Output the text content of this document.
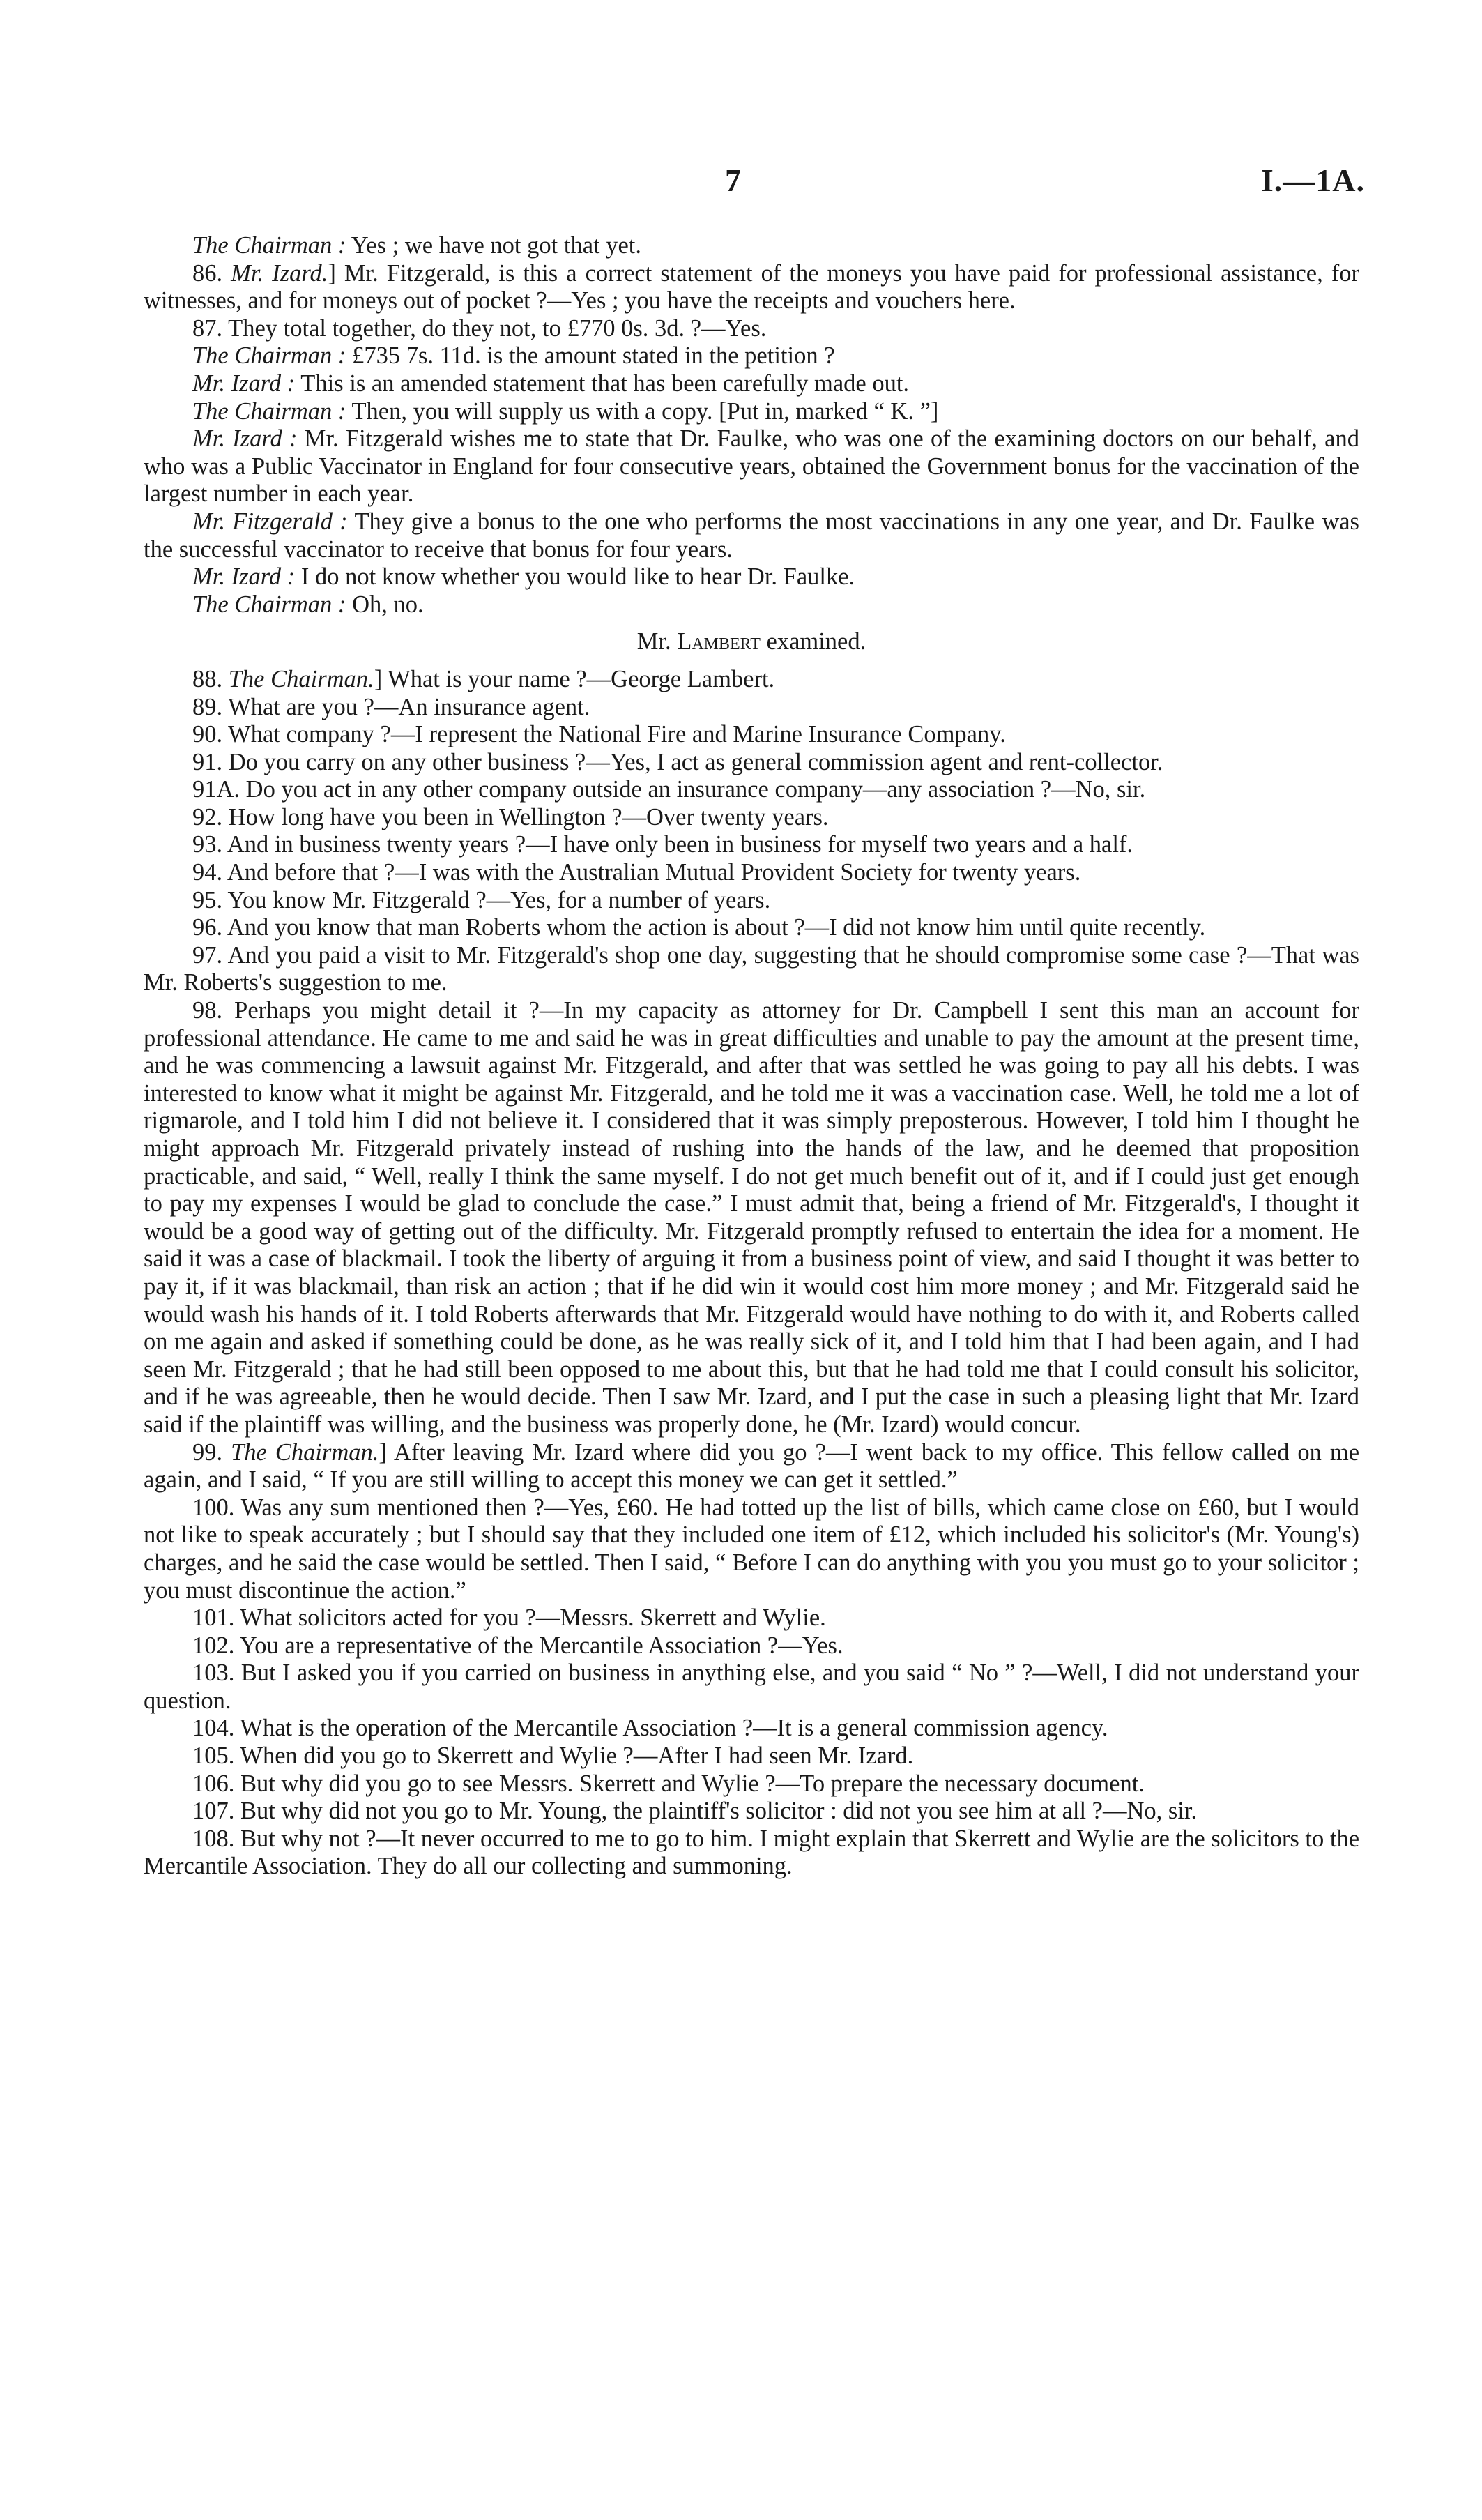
7	I.—1A.

The Chairman : Yes ; we have not got that yet.

86. Mr. Izard.] Mr. Fitzgerald, is this a correct statement of the moneys you have paid for professional assistance, for witnesses, and for moneys out of pocket ?—Yes ; you have the receipts and vouchers here.

87. They total together, do they not, to £770 0s. 3d. ?—Yes.

The Chairman : £735 7s. 11d. is the amount stated in the petition ?

Mr. Izard : This is an amended statement that has been carefully made out.

The Chairman : Then, you will supply us with a copy. [Put in, marked “ K. ”]

Mr. Izard : Mr. Fitzgerald wishes me to state that Dr. Faulke, who was one of the examining doctors on our behalf, and who was a Public Vaccinator in England for four consecutive years, obtained the Government bonus for the vaccination of the largest number in each year.

Mr. Fitzgerald : They give a bonus to the one who performs the most vaccinations in any one year, and Dr. Faulke was the successful vaccinator to receive that bonus for four years.

Mr. Izard : I do not know whether you would like to hear Dr. Faulke.

The Chairman : Oh, no.

Mr. Lambert examined.

88. The Chairman.] What is your name ?—George Lambert.

89. What are you ?—An insurance agent.

90. What company ?—I represent the National Fire and Marine Insurance Company.

91. Do you carry on any other business ?—Yes, I act as general commission agent and rent-collector.

91A. Do you act in any other company outside an insurance company—any association ?—No, sir.

92. How long have you been in Wellington ?—Over twenty years.

93. And in business twenty years ?—I have only been in business for myself two years and a half.

94. And before that ?—I was with the Australian Mutual Provident Society for twenty years.

95. You know Mr. Fitzgerald ?—Yes, for a number of years.

96. And you know that man Roberts whom the action is about ?—I did not know him until quite recently.

97. And you paid a visit to Mr. Fitzgerald's shop one day, suggesting that he should compromise some case ?—That was Mr. Roberts's suggestion to me.

98. Perhaps you might detail it ?—In my capacity as attorney for Dr. Campbell I sent this man an account for professional attendance. He came to me and said he was in great difficulties and unable to pay the amount at the present time, and he was commencing a lawsuit against Mr. Fitzgerald, and after that was settled he was going to pay all his debts. I was interested to know what it might be against Mr. Fitzgerald, and he told me it was a vaccination case. Well, he told me a lot of rigmarole, and I told him I did not believe it. I considered that it was simply preposterous. However, I told him I thought he might approach Mr. Fitzgerald privately instead of rushing into the hands of the law, and he deemed that proposition practicable, and said, “ Well, really I think the same myself. I do not get much benefit out of it, and if I could just get enough to pay my expenses I would be glad to conclude the case.” I must admit that, being a friend of Mr. Fitzgerald's, I thought it would be a good way of getting out of the difficulty. Mr. Fitzgerald promptly refused to entertain the idea for a moment. He said it was a case of blackmail. I took the liberty of arguing it from a business point of view, and said I thought it was better to pay it, if it was blackmail, than risk an action ; that if he did win it would cost him more money ; and Mr. Fitzgerald said he would wash his hands of it. I told Roberts afterwards that Mr. Fitzgerald would have nothing to do with it, and Roberts called on me again and asked if something could be done, as he was really sick of it, and I told him that I had been again, and I had seen Mr. Fitzgerald ; that he had still been opposed to me about this, but that he had told me that I could consult his solicitor, and if he was agreeable, then he would decide. Then I saw Mr. Izard, and I put the case in such a pleasing light that Mr. Izard said if the plaintiff was willing, and the business was properly done, he (Mr. Izard) would concur.

99. The Chairman.] After leaving Mr. Izard where did you go ?—I went back to my office. This fellow called on me again, and I said, “ If you are still willing to accept this money we can get it settled.”

100. Was any sum mentioned then ?—Yes, £60. He had totted up the list of bills, which came close on £60, but I would not like to speak accurately ; but I should say that they included one item of £12, which included his solicitor's (Mr. Young's) charges, and he said the case would be settled. Then I said, “ Before I can do anything with you you must go to your solicitor ; you must discontinue the action.”

101. What solicitors acted for you ?—Messrs. Skerrett and Wylie.

102. You are a representative of the Mercantile Association ?—Yes.

103. But I asked you if you carried on business in anything else, and you said “ No ” ?—Well, I did not understand your question.

104. What is the operation of the Mercantile Association ?—It is a general commission agency.

105. When did you go to Skerrett and Wylie ?—After I had seen Mr. Izard.

106. But why did you go to see Messrs. Skerrett and Wylie ?—To prepare the necessary document.

107. But why did not you go to Mr. Young, the plaintiff's solicitor : did not you see him at all ?—No, sir.

108. But why not ?—It never occurred to me to go to him. I might explain that Skerrett and Wylie are the solicitors to the Mercantile Association. They do all our collecting and summoning.
